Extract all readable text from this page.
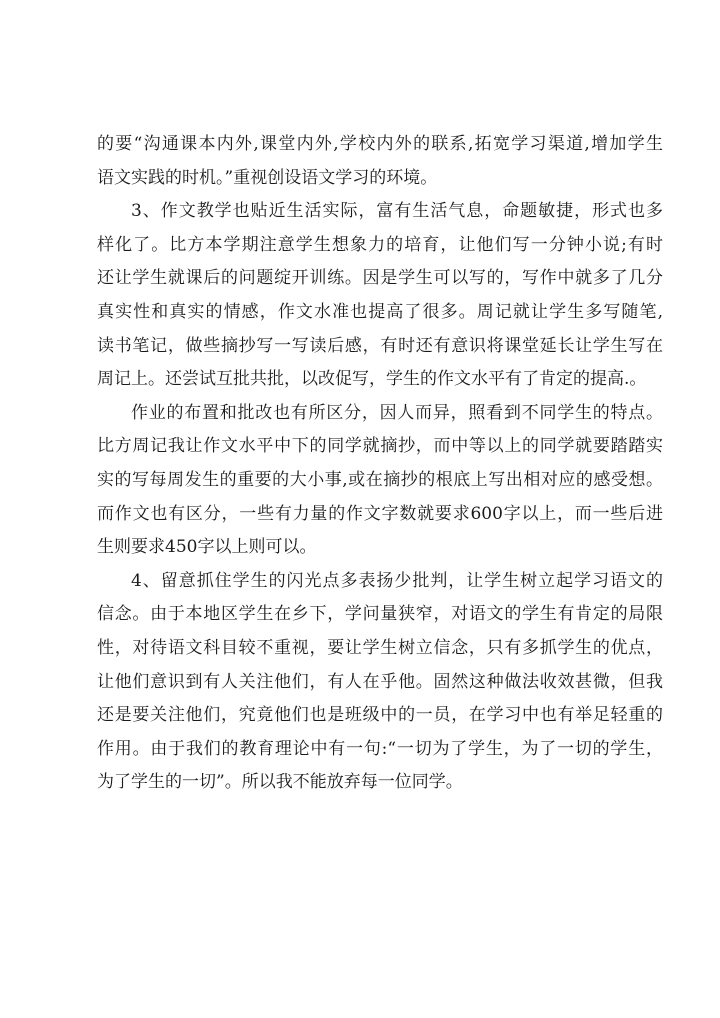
的要“沟通课本内外,课堂内外,学校内外的联系,拓宽学习渠道,增加学生
语文实践的时机。”重视创设语文学习的环境。
3、作文教学也贴近生活实际，富有生活气息，命题敏捷，形式也多
样化了。比方本学期注意学生想象力的培育，让他们写一分钟小说;有时
还让学生就课后的问题绽开训练。因是学生可以写的，写作中就多了几分
真实性和真实的情感，作文水准也提高了很多。周记就让学生多写随笔,
读书笔记，做些摘抄写一写读后感，有时还有意识将课堂延长让学生写在
周记上。还尝试互批共批，以改促写，学生的作文水平有了肯定的提高.。
作业的布置和批改也有所区分，因人而异，照看到不同学生的特点。
比方周记我让作文水平中下的同学就摘抄，而中等以上的同学就要踏踏实
实的写每周发生的重要的大小事,或在摘抄的根底上写出相对应的感受想。
而作文也有区分，一些有力量的作文字数就要求600字以上，而一些后进
生则要求450字以上则可以。
4、留意抓住学生的闪光点多表扬少批判，让学生树立起学习语文的
信念。由于本地区学生在乡下，学问量狭窄，对语文的学生有肯定的局限
性，对待语文科目较不重视，要让学生树立信念，只有多抓学生的优点，
让他们意识到有人关注他们，有人在乎他。固然这种做法收效甚微，但我
还是要关注他们，究竟他们也是班级中的一员，在学习中也有举足轻重的
作用。由于我们的教育理论中有一句:“一切为了学生，为了一切的学生，
为了学生的一切”。所以我不能放弃每一位同学。
